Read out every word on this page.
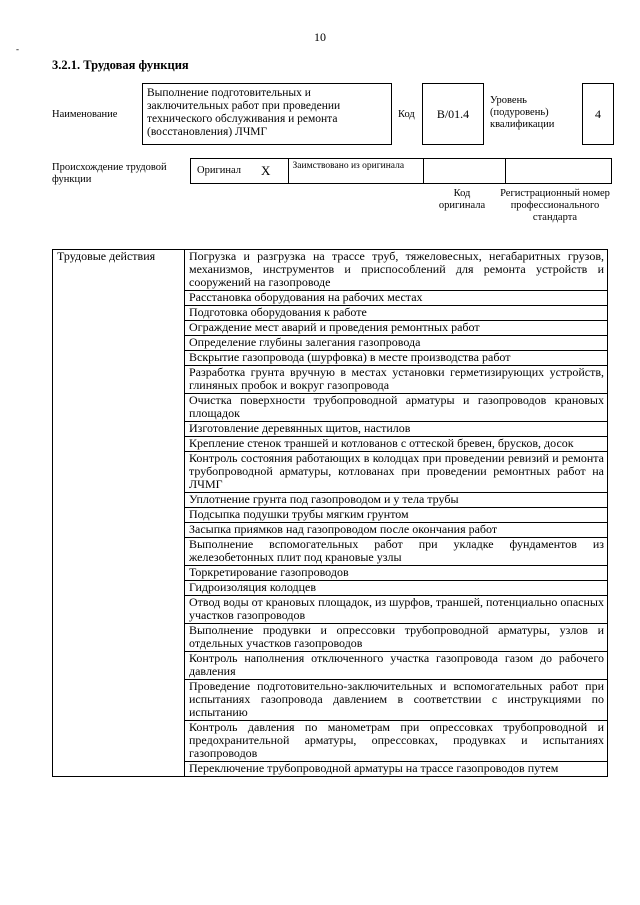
10
-
3.2.1. Трудовая функция
Наименование
Выполнение подготовительных и заключительных работ при проведении технического обслуживания и ремонта (восстановления) ЛЧМГ
Код B/01.4
Уровень (подуровень) квалификации
4
Происхождение трудовой функции
Оригинал X	Заимствовано из оригинала
Код оригинала
Регистрационный номер профессионального стандарта
Трудовые действия	Погрузка и разгрузка на трассе труб, тяжеловесных, негабаритных грузов, механизмов, инструментов и приспособлений для ремонта устройств и сооружений на газопроводе
Расстановка оборудования на рабочих местах
Подготовка оборудования к работе
Ограждение мест аварий и проведения ремонтных работ
Определение глубины залегания газопровода
Вскрытие газопровода (шурфовка) в месте производства работ
Разработка грунта вручную в местах установки герметизирующих устройств, глиняных пробок и вокруг газопровода
Очистка поверхности трубопроводной арматуры и газопроводов крановых площадок
Изготовление деревянных щитов, настилов
Крепление стенок траншей и котлованов с оттеской бревен, брусков, досок
Контроль состояния работающих в колодцах при проведении ревизий и ремонта трубопроводной арматуры, котлованах при проведении ремонтных работ на ЛЧМГ
Уплотнение грунта под газопроводом и у тела трубы
Подсыпка подушки трубы мягким грунтом
Засыпка приямков над газопроводом после окончания работ
Выполнение вспомогательных работ при укладке фундаментов из железобетонных плит под крановые узлы
Торкретирование газопроводов
Гидроизоляция колодцев
Отвод воды от крановых площадок, из шурфов, траншей, потенциально опасных участков газопроводов
Выполнение продувки и опрессовки трубопроводной арматуры, узлов и отдельных участков газопроводов
Контроль наполнения отключенного участка газопровода газом до рабочего давления
Проведение подготовительно-заключительных и вспомогательных работ при испытаниях газопровода давлением в соответствии с инструкциями по испытанию
Контроль давления по манометрам при опрессовках трубопроводной и предохранительной арматуры, опрессовках, продувках и испытаниях газопроводов
Переключение трубопроводной арматуры на трассе газопроводов путем
